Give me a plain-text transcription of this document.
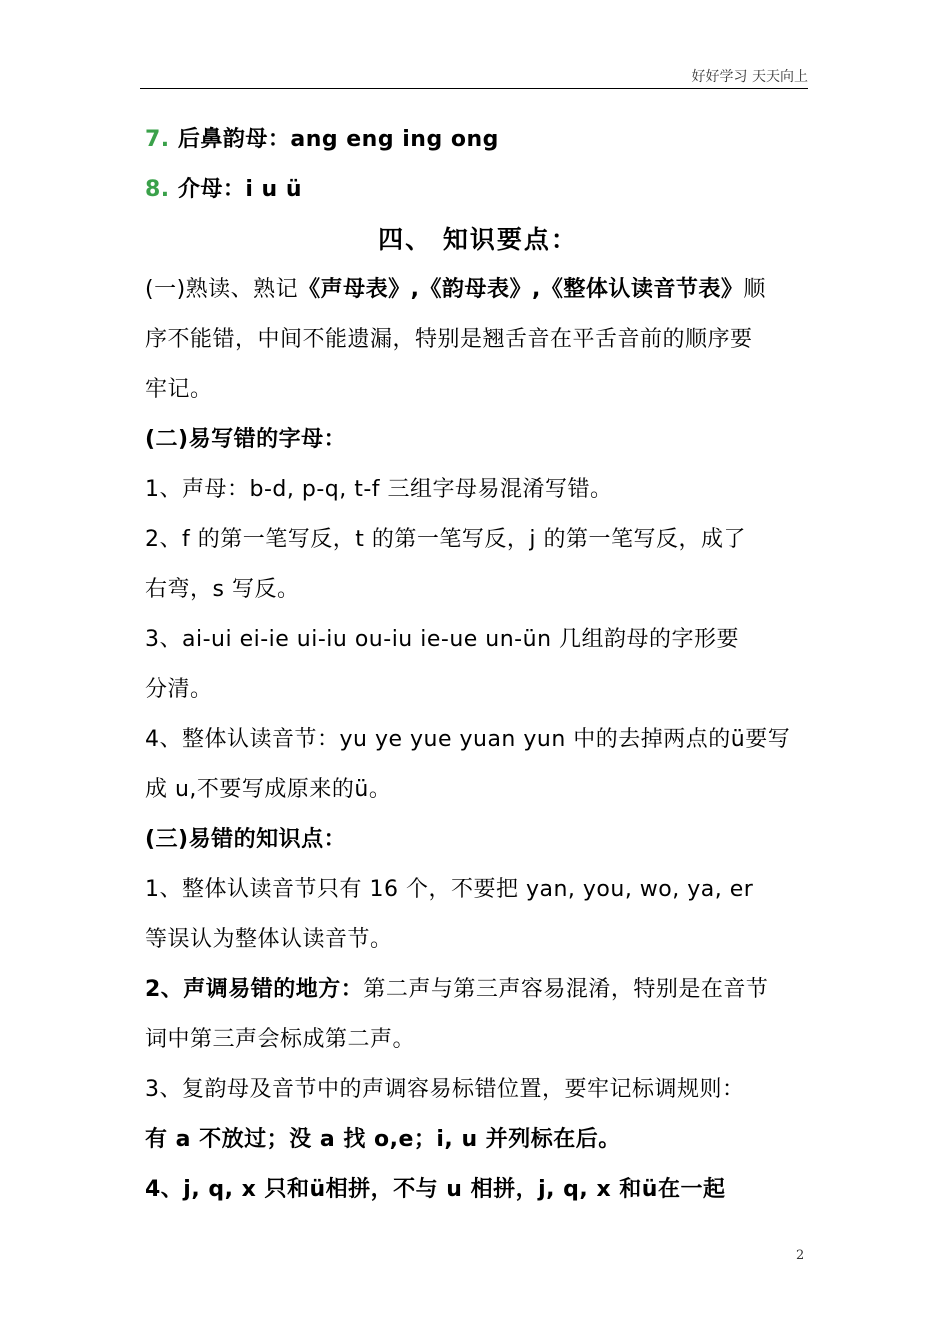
好好学习 天天向上
7. 后鼻韵母：ang eng ing ong
8. 介母：i u ü
四、 知识要点：
(一)熟读、熟记《声母表》,《韵母表》,《整体认读音节表》顺
序不能错，中间不能遗漏，特别是翘舌音在平舌音前的顺序要
牢记。
(二)易写错的字母：
1、声母：b-d, p-q, t-f 三组字母易混淆写错。
2、f 的第一笔写反，t 的第一笔写反，j 的第一笔写反，成了
右弯，s 写反。
3、ai-ui ei-ie ui-iu ou-iu ie-ue un-ün 几组韵母的字形要
分清。
4、整体认读音节：yu ye yue yuan yun 中的去掉两点的ü要写
成 u,不要写成原来的ü。
(三)易错的知识点：
1、整体认读音节只有 16 个，不要把 yan, you, wo, ya, er
等误认为整体认读音节。
2、声调易错的地方：第二声与第三声容易混淆，特别是在音节
词中第三声会标成第二声。
3、复韵母及音节中的声调容易标错位置，要牢记标调规则：
有 a 不放过；没 a 找 o,e；i, u 并列标在后。
4、j, q, x 只和ü相拼，不与 u 相拼，j, q, x 和ü在一起
2
